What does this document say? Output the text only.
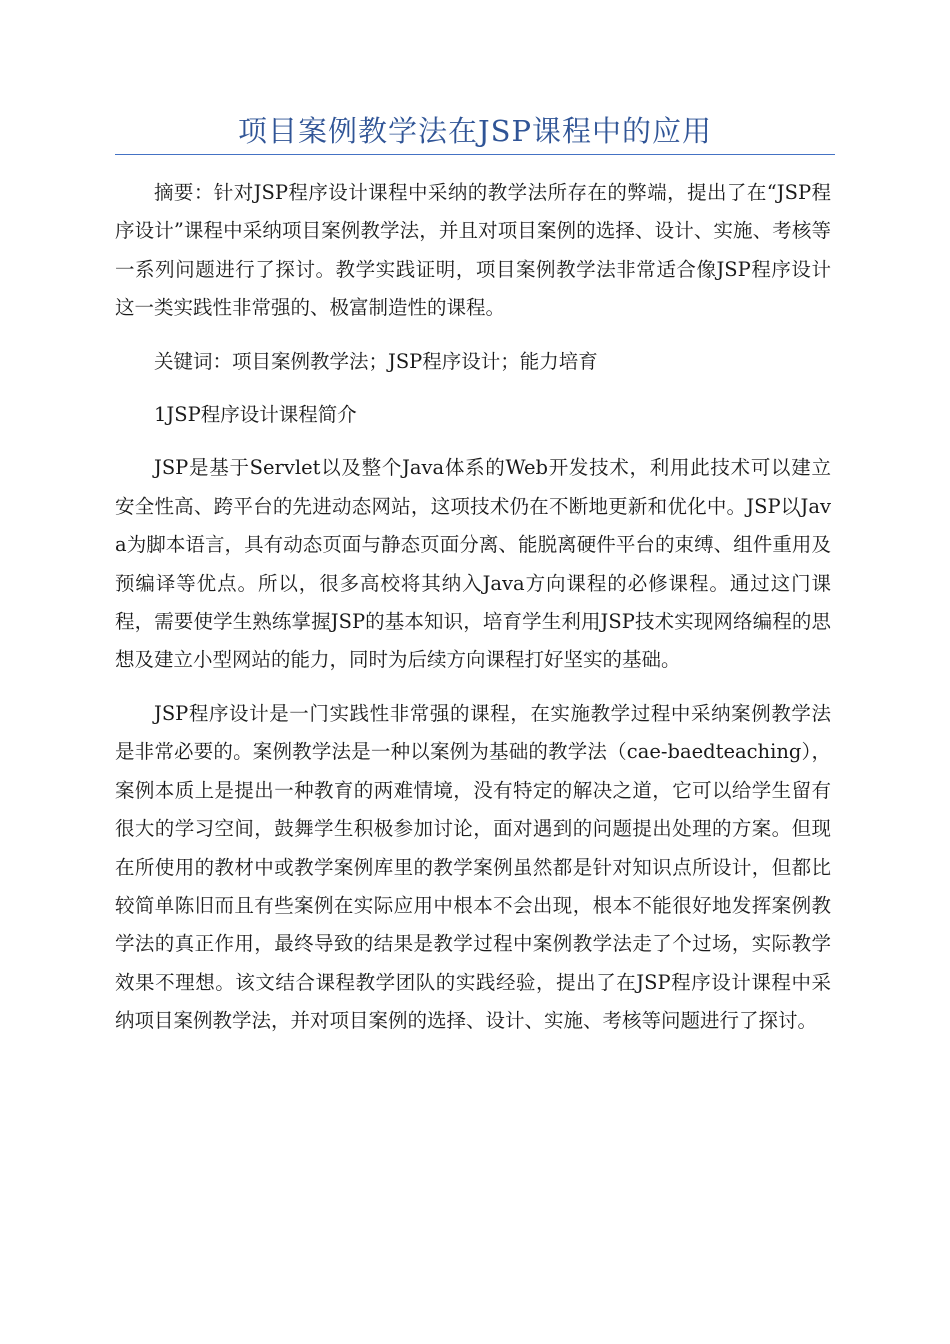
项目案例教学法在JSP课程中的应用

摘要：针对JSP程序设计课程中采纳的教学法所存在的弊端，提出了在“JSP程序设计”课程中采纳项目案例教学法，并且对项目案例的选择、设计、实施、考核等一系列问题进行了探讨。教学实践证明，项目案例教学法非常适合像JSP程序设计这一类实践性非常强的、极富制造性的课程。

关键词：项目案例教学法；JSP程序设计；能力培育

1JSP程序设计课程简介

JSP是基于Servlet以及整个Java体系的Web开发技术，利用此技术可以建立安全性高、跨平台的先进动态网站，这项技术仍在不断地更新和优化中。JSP以Java为脚本语言，具有动态页面与静态页面分离、能脱离硬件平台的束缚、组件重用及预编译等优点。所以，很多高校将其纳入Java方向课程的必修课程。通过这门课程，需要使学生熟练掌握JSP的基本知识，培育学生利用JSP技术实现网络编程的思想及建立小型网站的能力，同时为后续方向课程打好坚实的基础。

JSP程序设计是一门实践性非常强的课程，在实施教学过程中采纳案例教学法是非常必要的。案例教学法是一种以案例为基础的教学法（cae-baedteaching），案例本质上是提出一种教育的两难情境，没有特定的解决之道，它可以给学生留有很大的学习空间，鼓舞学生积极参加讨论，面对遇到的问题提出处理的方案。但现在所使用的教材中或教学案例库里的教学案例虽然都是针对知识点所设计，但都比较简单陈旧而且有些案例在实际应用中根本不会出现，根本不能很好地发挥案例教学法的真正作用，最终导致的结果是教学过程中案例教学法走了个过场，实际教学效果不理想。该文结合课程教学团队的实践经验，提出了在JSP程序设计课程中采纳项目案例教学法，并对项目案例的选择、设计、实施、考核等问题进行了探讨。
